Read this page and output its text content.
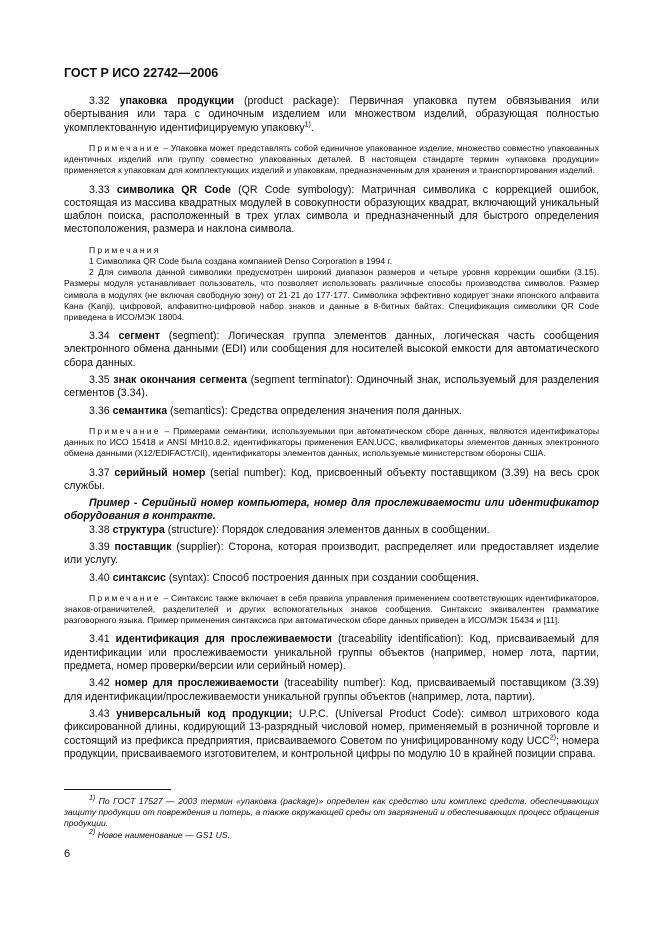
ГОСТ Р ИСО 22742—2006

3.32 упаковка продукции (product package): Первичная упаковка путем обвязывания или обертывания или тара с одиночным изделием или множеством изделий, образующая полностью укомплектованную идентифицируемую упаковку$^{1)}$.

Примечание – Упаковка может представлять собой единичное упакованное изделие, множество совместно упакованных идентичных изделий или группу совместно упакованных деталей. В настоящем стандарте термин «упаковка продукции» применяется к упаковкам для комплектующих изделий и упаковкам, предназначенным для хранения и транспортирования изделий.

3.33 символика QR Code (QR Code symbology): Матричная символика с коррекцией ошибок, состоящая из массива квадратных модулей в совокупности образующих квадрат, включающий уникальный шаблон поиска, расположенный в трех углах символа и предназначенный для быстрого определения местоположения, размера и наклона символа.

Примечания

1 Символика QR Code была создана компанией Denso Corporation в 1994 г.

2 Для символа данной символики предусмотрен широкий диапазон размеров и четыре уровня коррекции ошибки (3.15). Размеры модуля устанавливает пользователь, что позволяет использовать различные способы производства символов. Размер символа в модулях (не включая свободную зону) от 21·21 до 177·177. Символика эффективно кодирует знаки японского алфавита Кана (Kanji), цифровой, алфавитно-цифровой набор знаков и данные в 8-битных байтах. Спецификация символики QR Code приведена в ИСО/МЭК 18004.

3.34 сегмент (segment): Логическая группа элементов данных, логическая часть сообщения электронного обмена данными (EDI) или сообщения для носителей высокой емкости для автоматического сбора данных.

3.35 знак окончания сегмента (segment terminator): Одиночный знак, используемый для разделения сегментов (3.34).

3.36 семантика (semantics): Средства определения значения поля данных.

Примечание – Примерами семантики, используемыми при автоматическом сборе данных, являются идентификаторы данных по ИСО 15418 и ANSI MH10.8.2, идентификаторы применения EAN.UCC, квалификаторы элементов данных электронного обмена данными (X12/EDIFACT/CII), идентификаторы элементов данных, используемые министерством обороны США.

3.37 серийный номер (serial number): Код, присвоенный объекту поставщиком (3.39) на весь срок службы.

Пример - Серийный номер компьютера, номер для прослеживаемости или идентификатор оборудования в контракте.

3.38 структура (structure): Порядок следования элементов данных в сообщении.

3.39 поставщик (supplier): Сторона, которая производит, распределяет или предоставляет изделие или услугу.

3.40 синтаксис (syntax): Способ построения данных при создании сообщения.

Примечание – Синтаксис также включает в себя правила управления применением соответствующих идентификаторов, знаков-ограничителей, разделителей и других вспомогательных знаков сообщения. Синтаксис эквивалентен грамматике разговорного языка. Пример применения синтаксиса при автоматическом сборе данных приведен в ИСО/МЭК 15434 и [11].

3.41 идентификация для прослеживаемости (traceability identification): Код, присваиваемый для идентификации или прослеживаемости уникальной группы объектов (например, номер лота, партии, предмета, номер проверки/версии или серийный номер).

3.42 номер для прослеживаемости (traceability number): Код, присваиваемый поставщиком (3.39) для идентификации/прослеживаемости уникальной группы объектов (например, лота, партии).

3.43 универсальный код продукции; U.P.C. (Universal Product Code): символ штрихового кода фиксированной длины, кодирующий 13-разрядный числовой номер, применяемый в розничной торговле и состоящий из префикса предприятия, присваиваемого Советом по унифицированному коду UCC$^{2)}$; номера продукции, присваиваемого изготовителем, и контрольной цифры по модулю 10 в крайней позиции справа.

$^{1)}$ По ГОСТ 17527 — 2003 термин «упаковка (package)» определен как средство или комплекс средств, обеспечивающих защиту продукции от повреждения и потерь, а также окружающей среды от загрязнений и обеспечивающих процесс обращения продукции.

$^{2)}$ Новое наименование — GS1 US.

6
